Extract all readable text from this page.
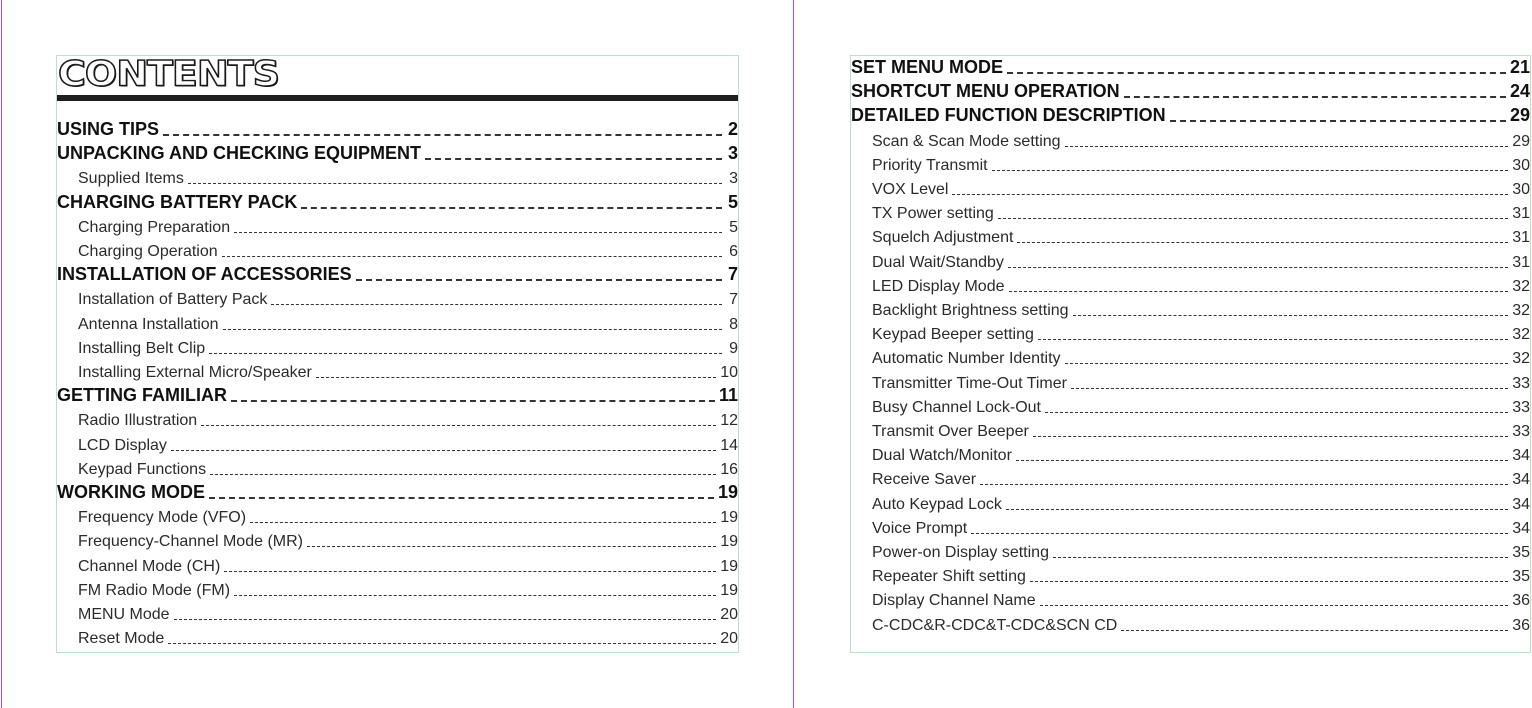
CONTENTS
USING TIPS	2
UNPACKING AND CHECKING EQUIPMENT	3
Supplied Items	3
CHARGING BATTERY PACK	5
Charging Preparation	5
Charging Operation	6
INSTALLATION OF ACCESSORIES	7
Installation of Battery Pack	7
Antenna Installation	8
Installing Belt Clip	9
Installing External Micro/Speaker	10
GETTING FAMILIAR	11
Radio Illustration	12
LCD Display	14
Keypad Functions	16
WORKING MODE	19
Frequency Mode (VFO)	19
Frequency-Channel Mode (MR)	19
Channel Mode (CH)	19
FM Radio Mode (FM)	19
MENU Mode	20
Reset Mode	20
SET MENU MODE	21
SHORTCUT MENU OPERATION	24
DETAILED FUNCTION DESCRIPTION	29
Scan & Scan Mode setting	29
Priority Transmit	30
VOX Level	30
TX Power setting	31
Squelch Adjustment	31
Dual Wait/Standby	31
LED Display Mode	32
Backlight Brightness setting	32
Keypad Beeper setting	32
Automatic Number Identity	32
Transmitter Time-Out Timer	33
Busy Channel Lock-Out	33
Transmit Over Beeper	33
Dual Watch/Monitor	34
Receive Saver	34
Auto Keypad Lock	34
Voice Prompt	34
Power-on Display setting	35
Repeater Shift setting	35
Display Channel Name	36
C-CDC&R-CDC&T-CDC&SCN CD	36
